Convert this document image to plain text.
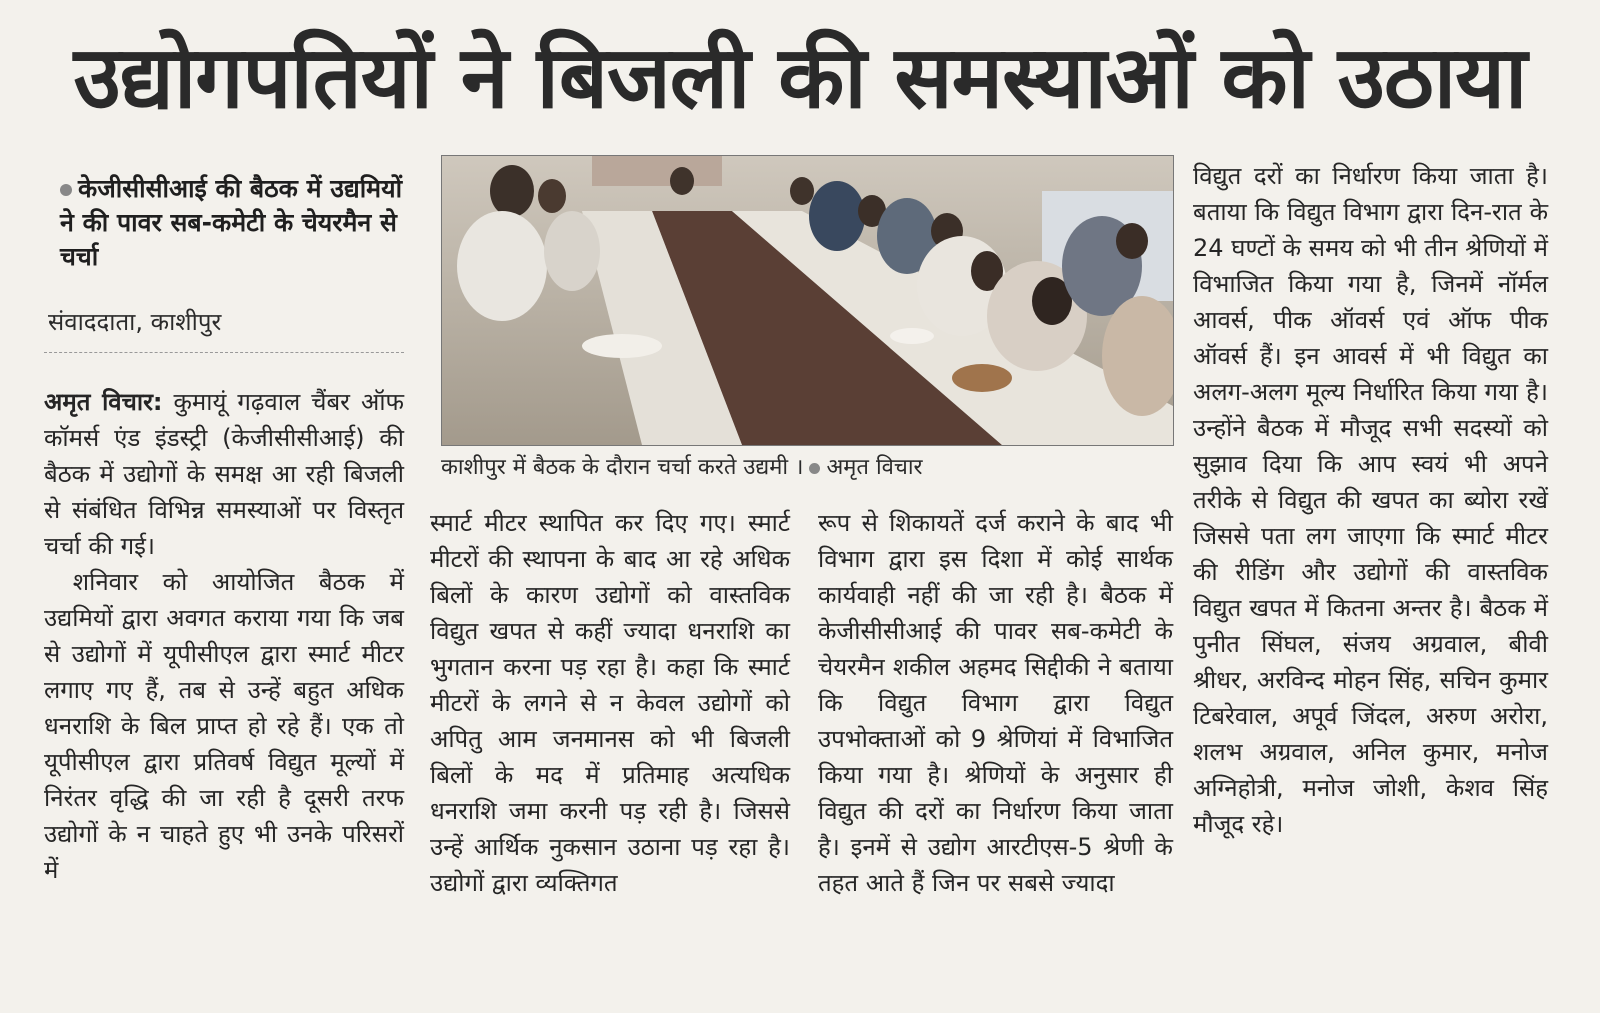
उद्योगपतियों ने बिजली की समस्याओं को उठाया
केजीसीसीआई की बैठक में उद्यमियों ने की पावर सब-कमेटी के चेयरमैन से चर्चा
संवाददाता, काशीपुर

अमृत विचार: कुमायूं गढ़वाल चैंबर ऑफ कॉमर्स एंड इंडस्ट्री (केजीसीसीआई) की बैठक में उद्योगों के समक्ष आ रही बिजली से संबंधित विभिन्न समस्याओं पर विस्तृत चर्चा की गई।

शनिवार को आयोजित बैठक में उद्यमियों द्वारा अवगत कराया गया कि जब से उद्योगों में यूपीसीएल द्वारा स्मार्ट मीटर लगाए गए हैं, तब से उन्हें बहुत अधिक धनराशि के बिल प्राप्त हो रहे हैं। एक तो यूपीसीएल द्वारा प्रतिवर्ष विद्युत मूल्यों में निरंतर वृद्धि की जा रही है दूसरी तरफ उद्योगों के न चाहते हुए भी उनके परिसरों में

काशीपुर में बैठक के दौरान चर्चा करते उद्यमी । अमृत विचार

स्मार्ट मीटर स्थापित कर दिए गए। स्मार्ट मीटरों की स्थापना के बाद आ रहे अधिक बिलों के कारण उद्योगों को वास्तविक विद्युत खपत से कहीं ज्यादा धनराशि का भुगतान करना पड़ रहा है। कहा कि स्मार्ट मीटरों के लगने से न केवल उद्योगों को अपितु आम जनमानस को भी बिजली बिलों के मद में प्रतिमाह अत्यधिक धनराशि जमा करनी पड़ रही है। जिससे उन्हें आर्थिक नुकसान उठाना पड़ रहा है। उद्योगों द्वारा व्यक्तिगत

रूप से शिकायतें दर्ज कराने के बाद भी विभाग द्वारा इस दिशा में कोई सार्थक कार्यवाही नहीं की जा रही है। बैठक में केजीसीसीआई की पावर सब-कमेटी के चेयरमैन शकील अहमद सिद्दीकी ने बताया कि विद्युत विभाग द्वारा विद्युत उपभोक्ताओं को 9 श्रेणियां में विभाजित किया गया है। श्रेणियों के अनुसार ही विद्युत की दरों का निर्धारण किया जाता है। इनमें से उद्योग आरटीएस-5 श्रेणी के तहत आते हैं जिन पर सबसे ज्यादा

विद्युत दरों का निर्धारण किया जाता है। बताया कि विद्युत विभाग द्वारा दिन-रात के 24 घण्टों के समय को भी तीन श्रेणियों में विभाजित किया गया है, जिनमें नॉर्मल आवर्स, पीक ऑवर्स एवं ऑफ पीक ऑवर्स हैं। इन आवर्स में भी विद्युत का अलग-अलग मूल्य निर्धारित किया गया है। उन्होंने बैठक में मौजूद सभी सदस्यों को सुझाव दिया कि आप स्वयं भी अपने तरीके से विद्युत की खपत का ब्योरा रखें जिससे पता लग जाएगा कि स्मार्ट मीटर की रीडिंग और उद्योगों की वास्तविक विद्युत खपत में कितना अन्तर है। बैठक में पुनीत सिंघल, संजय अग्रवाल, बीवी श्रीधर, अरविन्द मोहन सिंह, सचिन कुमार टिबरेवाल, अपूर्व जिंदल, अरुण अरोरा, शलभ अग्रवाल, अनिल कुमार, मनोज अग्निहोत्री, मनोज जोशी, केशव सिंह मौजूद रहे।
